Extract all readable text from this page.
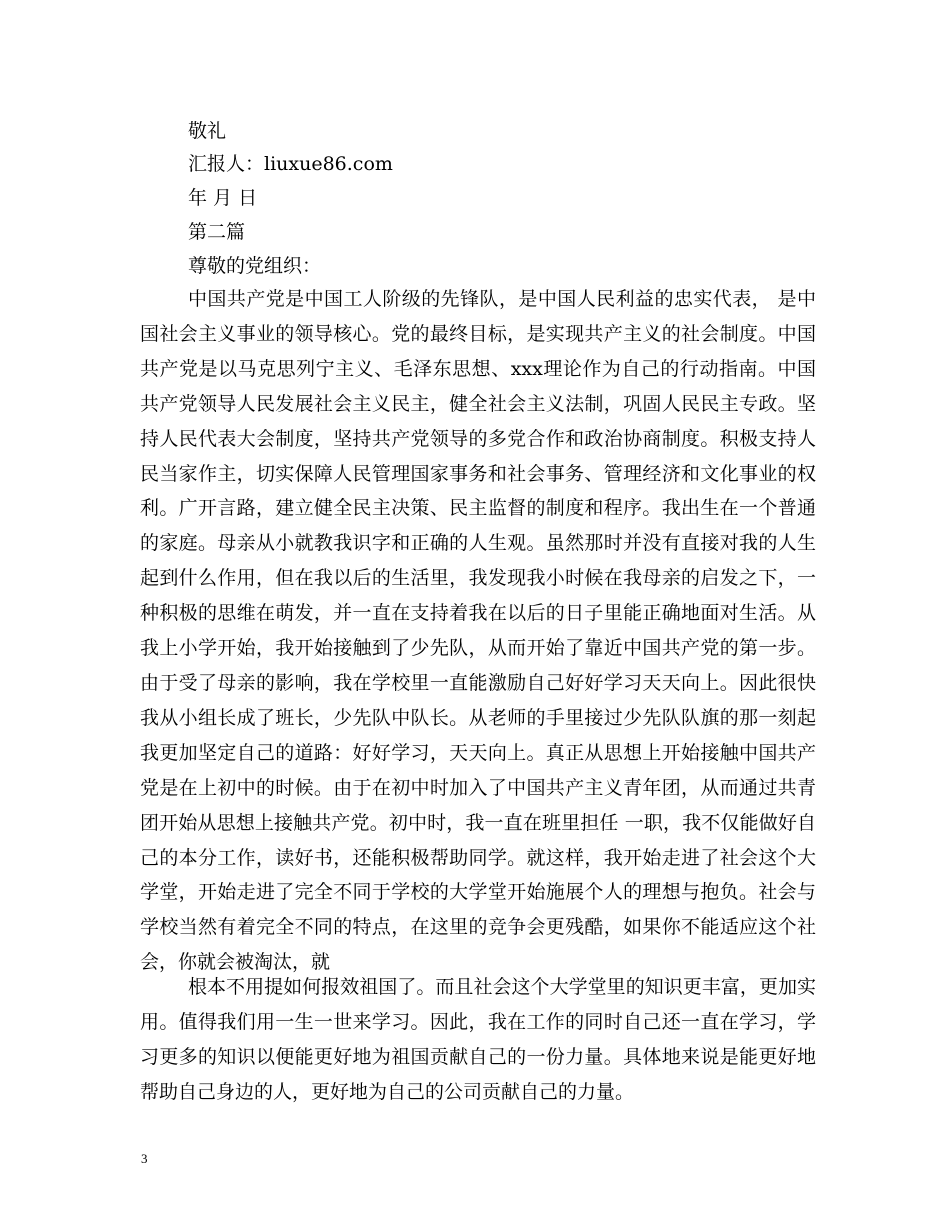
敬礼
汇报人：liuxue86.com
年 月 日
第二篇
尊敬的党组织：

中国共产党是中国工人阶级的先锋队，是中国人民利益的忠实代表， 是中国社会主义事业的领导核心。党的最终目标，是实现共产主义的社会制度。中国共产党是以马克思列宁主义、毛泽东思想、xxx理论作为自己的行动指南。中国共产党领导人民发展社会主义民主，健全社会主义法制，巩固人民民主专政。坚持人民代表大会制度，坚持共产党领导的多党合作和政治协商制度。积极支持人民当家作主，切实保障人民管理国家事务和社会事务、管理经济和文化事业的权利。广开言路，建立健全民主决策、民主监督的制度和程序。我出生在一个普通的家庭。母亲从小就教我识字和正确的人生观。虽然那时并没有直接对我的人生起到什么作用，但在我以后的生活里，我发现我小时候在我母亲的启发之下，一种积极的思维在萌发，并一直在支持着我在以后的日子里能正确地面对生活。从我上小学开始，我开始接触到了少先队，从而开始了靠近中国共产党的第一步。由于受了母亲的影响，我在学校里一直能激励自己好好学习天天向上。因此很快我从小组长成了班长，少先队中队长。从老师的手里接过少先队队旗的那一刻起我更加坚定自己的道路：好好学习，天天向上。真正从思想上开始接触中国共产党是在上初中的时候。由于在初中时加入了中国共产主义青年团，从而通过共青团开始从思想上接触共产党。初中时，我一直在班里担任 一职，我不仅能做好自己的本分工作，读好书，还能积极帮助同学。就这样，我开始走进了社会这个大学堂，开始走进了完全不同于学校的大学堂开始施展个人的理想与抱负。社会与学校当然有着完全不同的特点，在这里的竞争会更残酷，如果你不能适应这个社会，你就会被淘汰，就

根本不用提如何报效祖国了。而且社会这个大学堂里的知识更丰富，更加实用。值得我们用一生一世来学习。因此，我在工作的同时自己还一直在学习，学习更多的知识以便能更好地为祖国贡献自己的一份力量。具体地来说是能更好地帮助自己身边的人，更好地为自己的公司贡献自己的力量。

3
